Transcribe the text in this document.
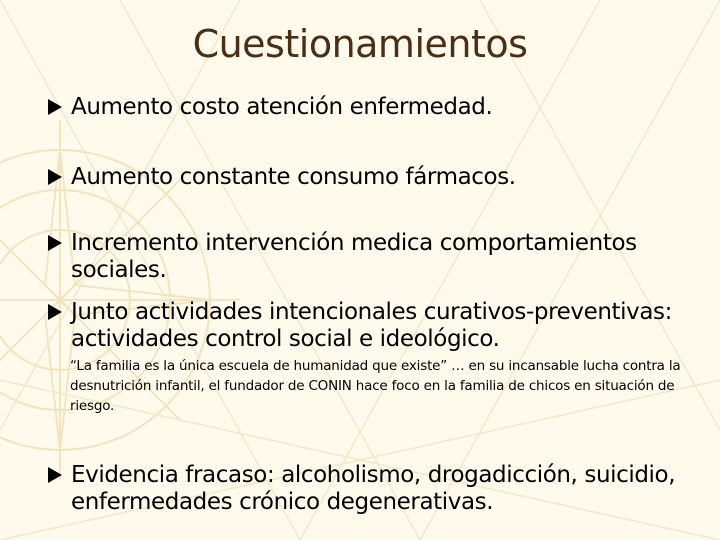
Cuestionamientos
Aumento costo atención enfermedad.
Aumento constante consumo fármacos.
Incremento intervención medica comportamientos sociales.
Junto actividades intencionales curativos-preventivas: actividades control social e ideológico.
“La familia es la única escuela de humanidad que existe” … en su incansable lucha contra la desnutrición infantil, el fundador de CONIN hace foco en la familia de chicos en situación de riesgo.
Evidencia fracaso: alcoholismo, drogadicción, suicidio, enfermedades crónico degenerativas.
